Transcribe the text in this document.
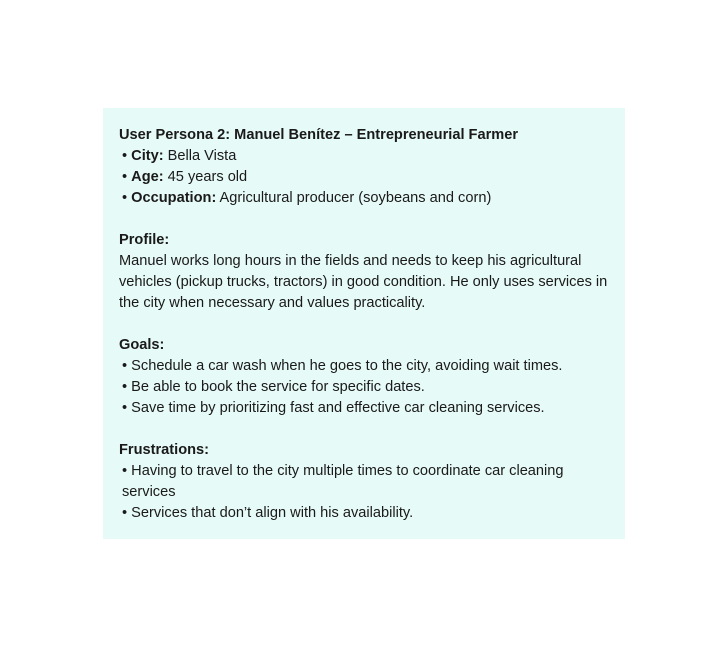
User Persona 2: Manuel Benítez – Entrepreneurial Farmer
• City: Bella Vista
• Age: 45 years old
• Occupation: Agricultural producer (soybeans and corn)
Profile:
Manuel works long hours in the fields and needs to keep his agricultural vehicles (pickup trucks, tractors) in good condition. He only uses services in the city when necessary and values practicality.
Goals:
• Schedule a car wash when he goes to the city, avoiding wait times.
• Be able to book the service for specific dates.
• Save time by prioritizing fast and effective car cleaning services.
Frustrations:
• Having to travel to the city multiple times to coordinate car cleaning services
• Services that don’t align with his availability.
